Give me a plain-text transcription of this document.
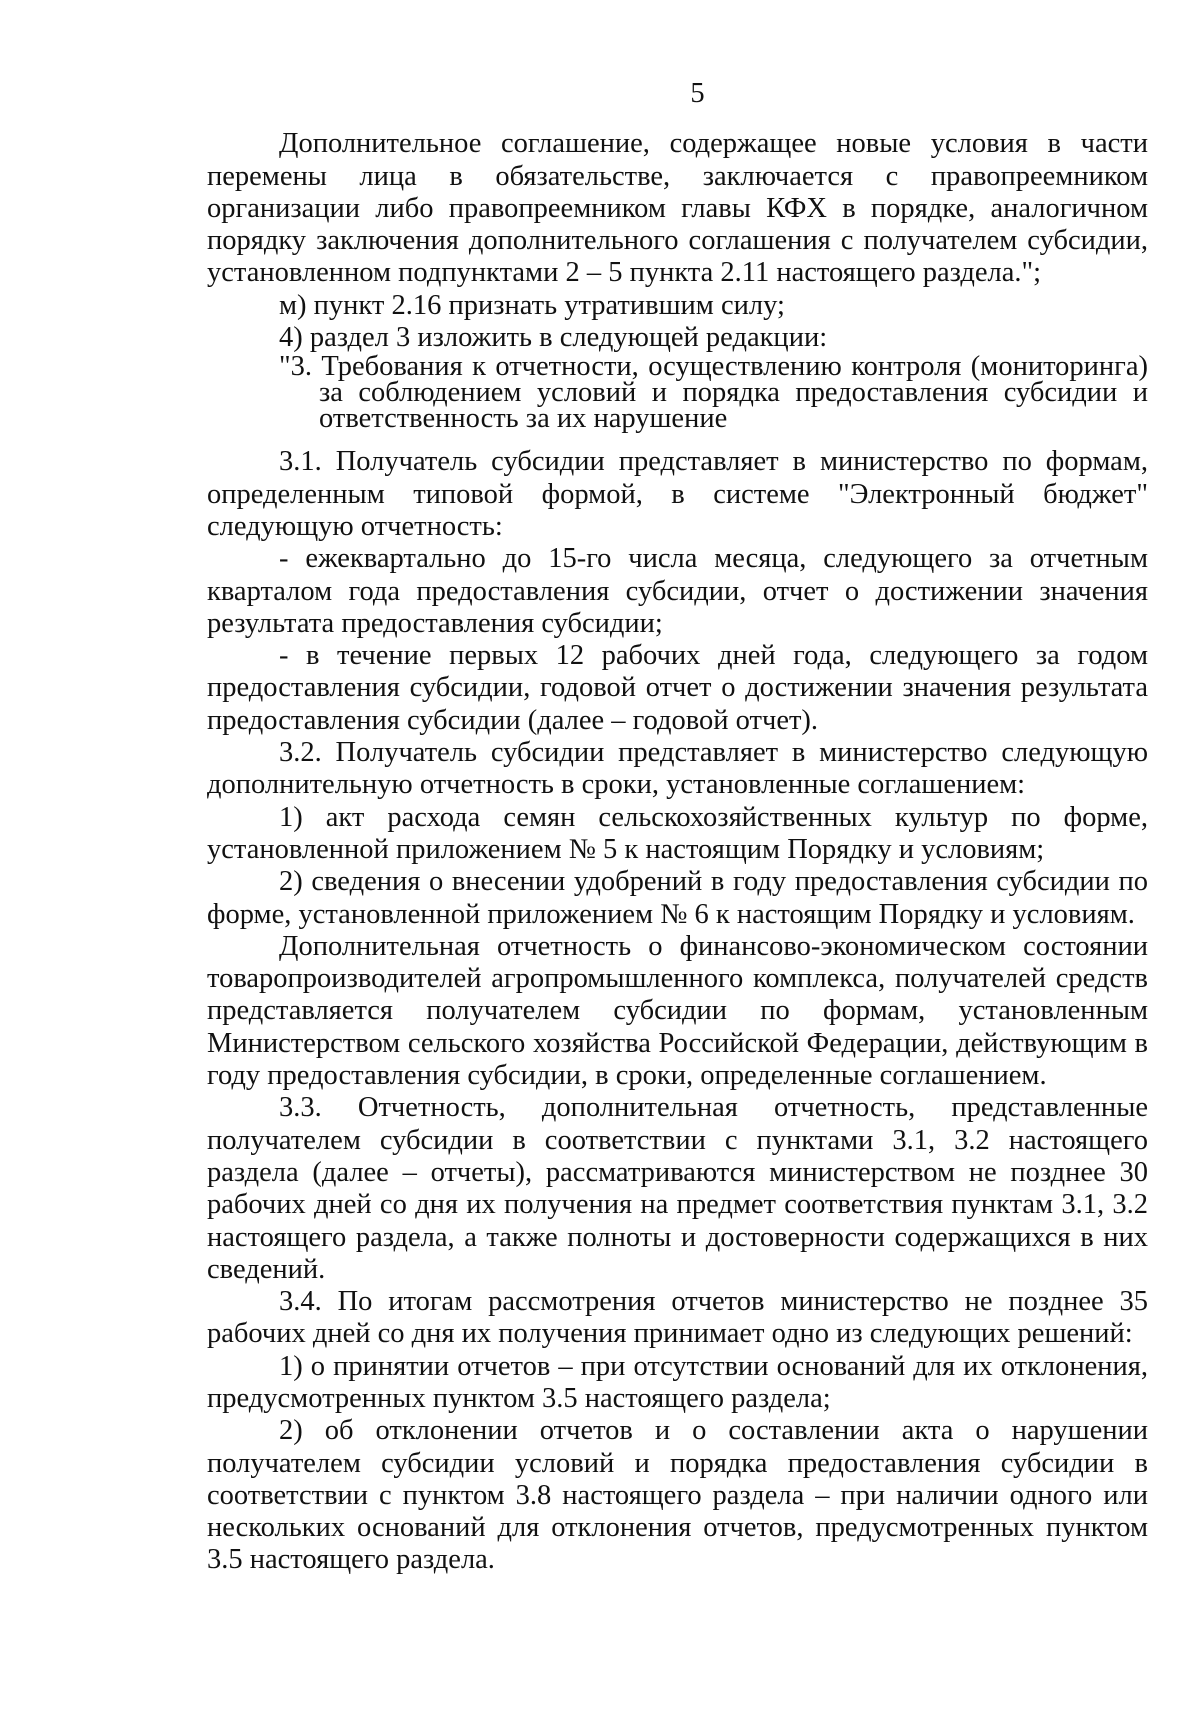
5

Дополнительное соглашение, содержащее новые условия в части перемены лица в обязательстве, заключается с правопреемником организации либо правопреемником главы КФХ в порядке, аналогичном порядку заключения дополнительного соглашения с получателем субсидии, установленном подпунктами 2 – 5 пункта 2.11 настоящего раздела.";

м) пункт 2.16 признать утратившим силу;

4) раздел 3 изложить в следующей редакции:

"3. Требования к отчетности, осуществлению контроля (мониторинга) за соблюдением условий и порядка предоставления субсидии и ответственность за их нарушение

3.1. Получатель субсидии представляет в министерство по формам, определенным типовой формой, в системе "Электронный бюджет" следующую отчетность:

- ежеквартально до 15-го числа месяца, следующего за отчетным кварталом года предоставления субсидии, отчет о достижении значения результата предоставления субсидии;

- в течение первых 12 рабочих дней года, следующего за годом предоставления субсидии, годовой отчет о достижении значения результата предоставления субсидии (далее – годовой отчет).

3.2. Получатель субсидии представляет в министерство следующую дополнительную отчетность в сроки, установленные соглашением:

1) акт расхода семян сельскохозяйственных культур по форме, установленной приложением № 5 к настоящим Порядку и условиям;

2) сведения о внесении удобрений в году предоставления субсидии по форме, установленной приложением № 6 к настоящим Порядку и условиям.

Дополнительная отчетность о финансово-экономическом состоянии товаропроизводителей агропромышленного комплекса, получателей средств представляется получателем субсидии по формам, установленным Министерством сельского хозяйства Российской Федерации, действующим в году предоставления субсидии, в сроки, определенные соглашением.

3.3. Отчетность, дополнительная отчетность, представленные получателем субсидии в соответствии с пунктами 3.1, 3.2 настоящего раздела (далее – отчеты), рассматриваются министерством не позднее 30 рабочих дней со дня их получения на предмет соответствия пунктам 3.1, 3.2 настоящего раздела, а также полноты и достоверности содержащихся в них сведений.

3.4. По итогам рассмотрения отчетов министерство не позднее 35 рабочих дней со дня их получения принимает одно из следующих решений:

1) о принятии отчетов – при отсутствии оснований для их отклонения, предусмотренных пунктом 3.5 настоящего раздела;

2) об отклонении отчетов и о составлении акта о нарушении получателем субсидии условий и порядка предоставления субсидии в соответствии с пунктом 3.8 настоящего раздела – при наличии одного или нескольких оснований для отклонения отчетов, предусмотренных пунктом 3.5 настоящего раздела.
